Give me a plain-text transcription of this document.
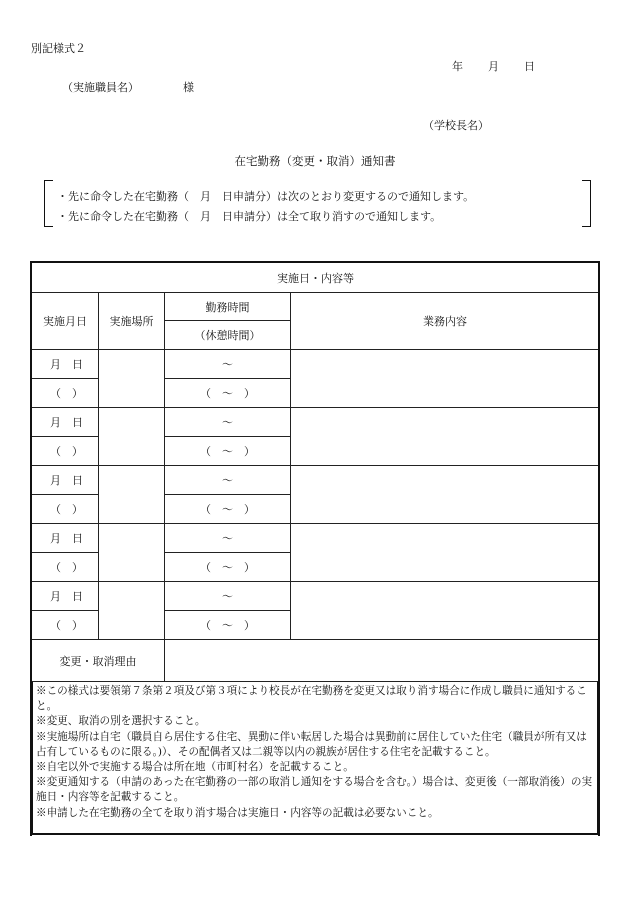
別記様式２
年 月 日
（実施職員名）	様
（学校長名）
在宅勤務（変更・取消）通知書
・先に命令した在宅勤務（　月　日申請分）は次のとおり変更するので通知します。
・先に命令した在宅勤務（　月　日申請分）は全て取り消すので通知します。
実施日・内容等			
実施月日	実施場所	勤務時間	業務内容
		（休憩時間）	
月　日		～	
（　）		（　～　）	
月　日		～	
（　）		（　～　）	
月　日		～	
（　）		（　～　）	
月　日		～	
（　）		（　～　）	
月　日		～	
（　）		（　～　）	
変更・取消理由			

※この様式は要領第７条第２項及び第３項により校長が在宅勤務を変更又は取り消す場合に作成し職員に通知すること。

※変更、取消の別を選択すること。

※実施場所は自宅（職員自ら居住する住宅、異動に伴い転居した場合は異動前に居住していた住宅（職員が所有又は占有しているものに限る。)）、その配偶者又は二親等以内の親族が居住する住宅を記載すること。

※自宅以外で実施する場合は所在地（市町村名）を記載すること。

※変更通知する（申請のあった在宅勤務の一部の取消し通知をする場合を含む。）場合は、変更後（一部取消後）の実施日・内容等を記載すること。

※申請した在宅勤務の全てを取り消す場合は実施日・内容等の記載は必要ないこと。
